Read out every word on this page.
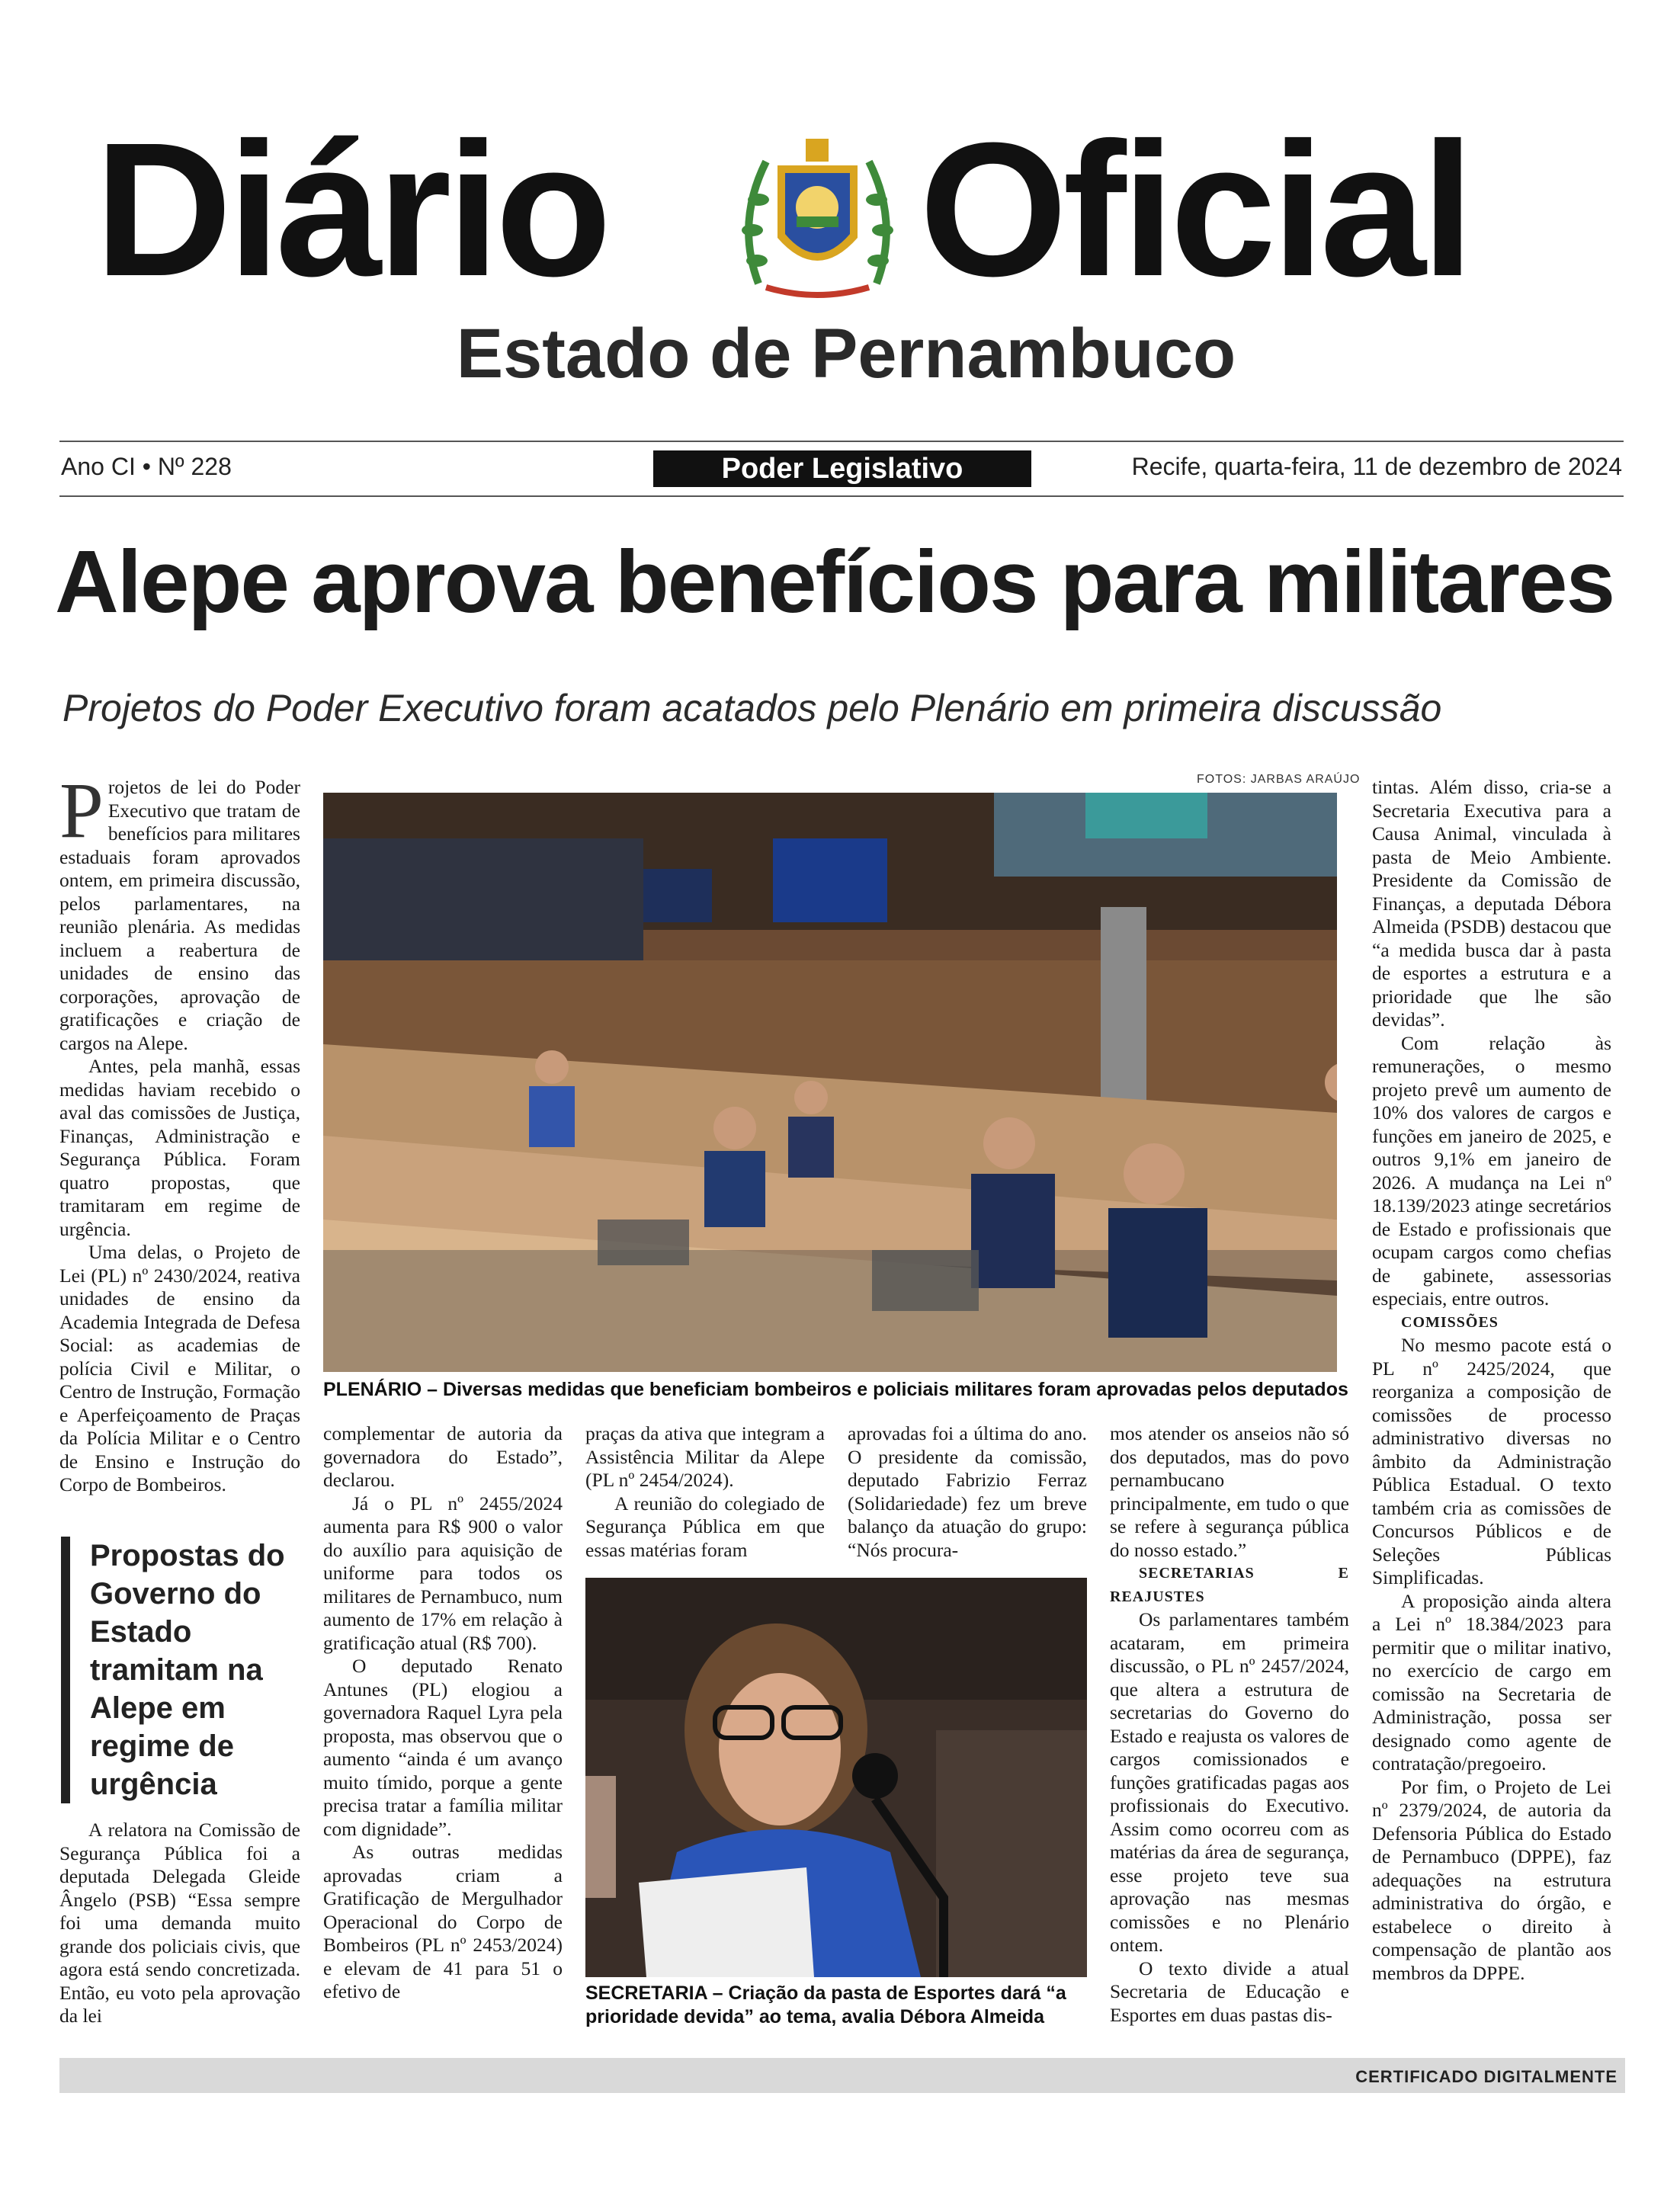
Diário Oficial
Estado de Pernambuco
Ano CI • Nº 228	Poder Legislativo	Recife, quarta-feira, 11 de dezembro de 2024
Alepe aprova benefícios para militares
Projetos do Poder Executivo foram acatados pelo Plenário em primeira discussão

Projetos de lei do Poder Executivo que tratam de benefícios para militares estaduais foram aprovados ontem, em primeira discussão, pelos parlamentares, na reunião plenária. As medidas incluem a reabertura de unidades de ensino das corporações, aprovação de gratificações e criação de cargos na Alepe.

Antes, pela manhã, essas medidas haviam recebido o aval das comissões de Justiça, Finanças, Administração e Segurança Pública. Foram quatro propostas, que tramitaram em regime de urgência.

Uma delas, o Projeto de Lei (PL) nº 2430/2024, reativa unidades de ensino da Academia Integrada de Defesa Social: as academias de polícia Civil e Militar, o Centro de Instrução, Formação e Aperfeiçoamento de Praças da Polícia Militar e o Centro de Ensino e Instrução do Corpo de Bombeiros.

Propostas do Governo do Estado tramitam na Alepe em regime de urgência

A relatora na Comissão de Segurança Pública foi a deputada Delegada Gleide Ângelo (PSB) “Essa sempre foi uma demanda muito grande dos policiais civis, que agora está sendo concretizada. Então, eu voto pela aprovação da lei

FOTOS: JARBAS ARAÚJO
PLENÁRIO – Diversas medidas que beneficiam bombeiros e policiais militares foram aprovadas pelos deputados

complementar de autoria da governadora do Estado”, declarou.

Já o PL nº 2455/2024 aumenta para R$ 900 o valor do auxílio para aquisição de uniforme para todos os militares de Pernambuco, num aumento de 17% em relação à gratificação atual (R$ 700).

O deputado Renato Antunes (PL) elogiou a governadora Raquel Lyra pela proposta, mas observou que o aumento “ainda é um avanço muito tímido, porque a gente precisa tratar a família militar com dignidade”.

As outras medidas aprovadas criam a Gratificação de Mergulhador Operacional do Corpo de Bombeiros (PL nº 2453/2024) e elevam de 41 para 51 o efetivo de

praças da ativa que integram a Assistência Militar da Alepe (PL nº 2454/2024).

A reunião do colegiado de Segurança Pública em que essas matérias foram

aprovadas foi a última do ano. O presidente da comissão, deputado Fabrizio Ferraz (Solidariedade) fez um breve balanço da atuação do grupo: “Nós procura-

SECRETARIA – Criação da pasta de Esportes dará “a prioridade devida” ao tema, avalia Débora Almeida

mos atender os anseios não só dos deputados, mas do povo pernambucano principalmente, em tudo o que se refere à segurança pública do nosso estado.”

SECRETARIAS E REAJUSTES

Os parlamentares também acataram, em primeira discussão, o PL nº 2457/2024, que altera a estrutura de secretarias do Governo do Estado e reajusta os valores de cargos comissionados e funções gratificadas pagas aos profissionais do Executivo. Assim como ocorreu com as matérias da área de segurança, esse projeto teve sua aprovação nas mesmas comissões e no Plenário ontem.

O texto divide a atual Secretaria de Educação e Esportes em duas pastas dis-

tintas. Além disso, cria-se a Secretaria Executiva para a Causa Animal, vinculada à pasta de Meio Ambiente. Presidente da Comissão de Finanças, a deputada Débora Almeida (PSDB) destacou que “a medida busca dar à pasta de esportes a estrutura e a prioridade que lhe são devidas”.

Com relação às remunerações, o mesmo projeto prevê um aumento de 10% dos valores de cargos e funções em janeiro de 2025, e outros 9,1% em janeiro de 2026. A mudança na Lei nº 18.139/2023 atinge secretários de Estado e profissionais que ocupam cargos como chefias de gabinete, assessorias especiais, entre outros.

COMISSÕES

No mesmo pacote está o PL nº 2425/2024, que reorganiza a composição de comissões de processo administrativo diversas no âmbito da Administração Pública Estadual. O texto também cria as comissões de Concursos Públicos e de Seleções Públicas Simplificadas.

A proposição ainda altera a Lei nº 18.384/2023 para permitir que o militar inativo, no exercício de cargo em comissão na Secretaria de Administração, possa ser designado como agente de contratação/pregoeiro.

Por fim, o Projeto de Lei nº 2379/2024, de autoria da Defensoria Pública do Estado de Pernambuco (DPPE), faz adequações na estrutura administrativa do órgão, e estabelece o direito à compensação de plantão aos membros da DPPE.

CERTIFICADO DIGITALMENTE
